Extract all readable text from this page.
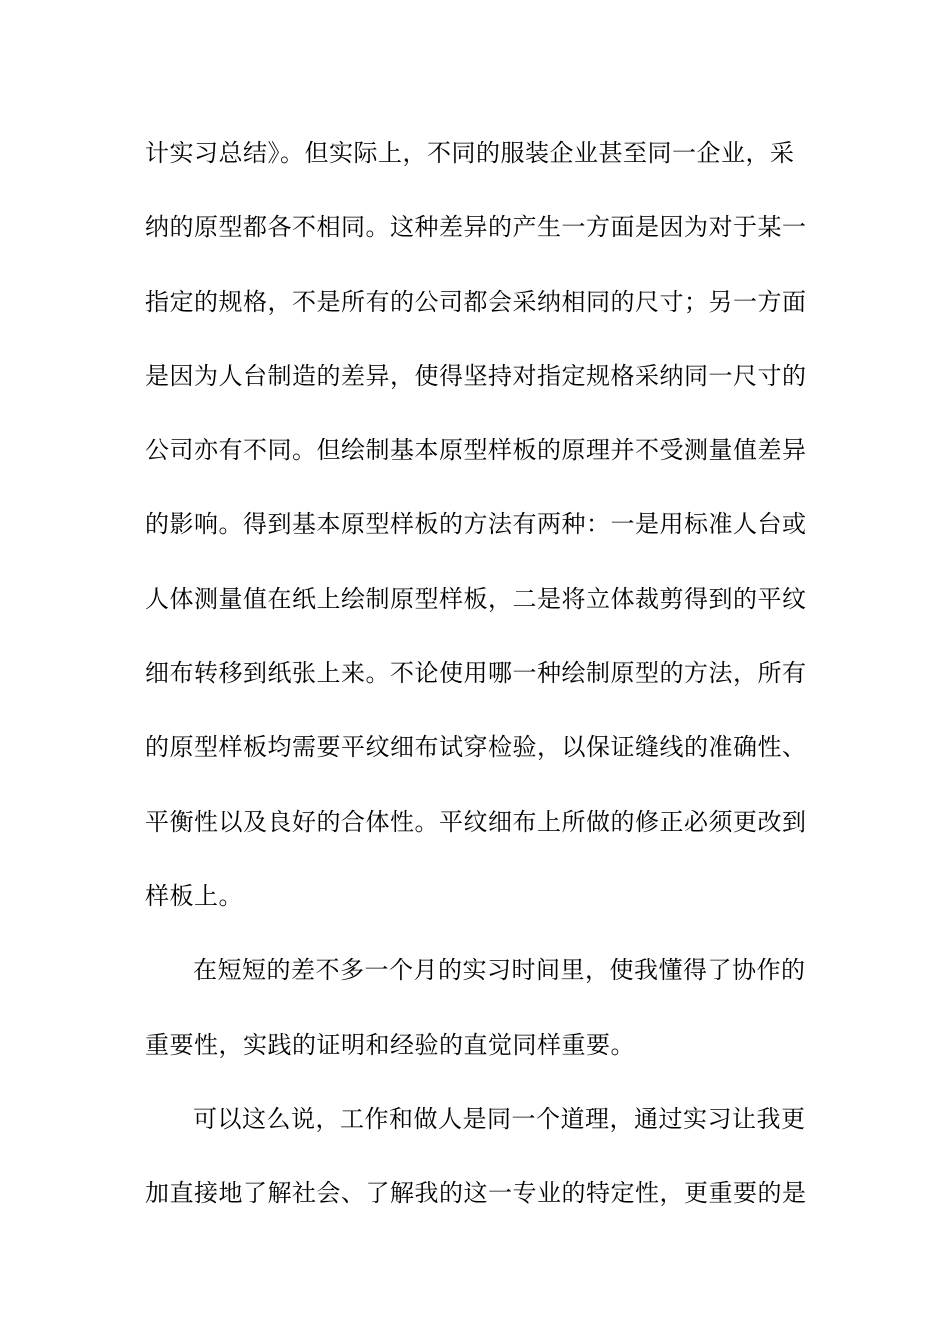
计实习总结》。但实际上，不同的服装企业甚至同一企业，采
纳的原型都各不相同。这种差异的产生一方面是因为对于某一
指定的规格，不是所有的公司都会采纳相同的尺寸；另一方面
是因为人台制造的差异，使得坚持对指定规格采纳同一尺寸的
公司亦有不同。但绘制基本原型样板的原理并不受测量值差异
的影响。得到基本原型样板的方法有两种：一是用标准人台或
人体测量值在纸上绘制原型样板，二是将立体裁剪得到的平纹
细布转移到纸张上来。不论使用哪一种绘制原型的方法，所有
的原型样板均需要平纹细布试穿检验，以保证缝线的准确性、
平衡性以及良好的合体性。平纹细布上所做的修正必须更改到
样板上。
在短短的差不多一个月的实习时间里，使我懂得了协作的
重要性，实践的证明和经验的直觉同样重要。
可以这么说，工作和做人是同一个道理，通过实习让我更
加直接地了解社会、了解我的这一专业的特定性，更重要的是
